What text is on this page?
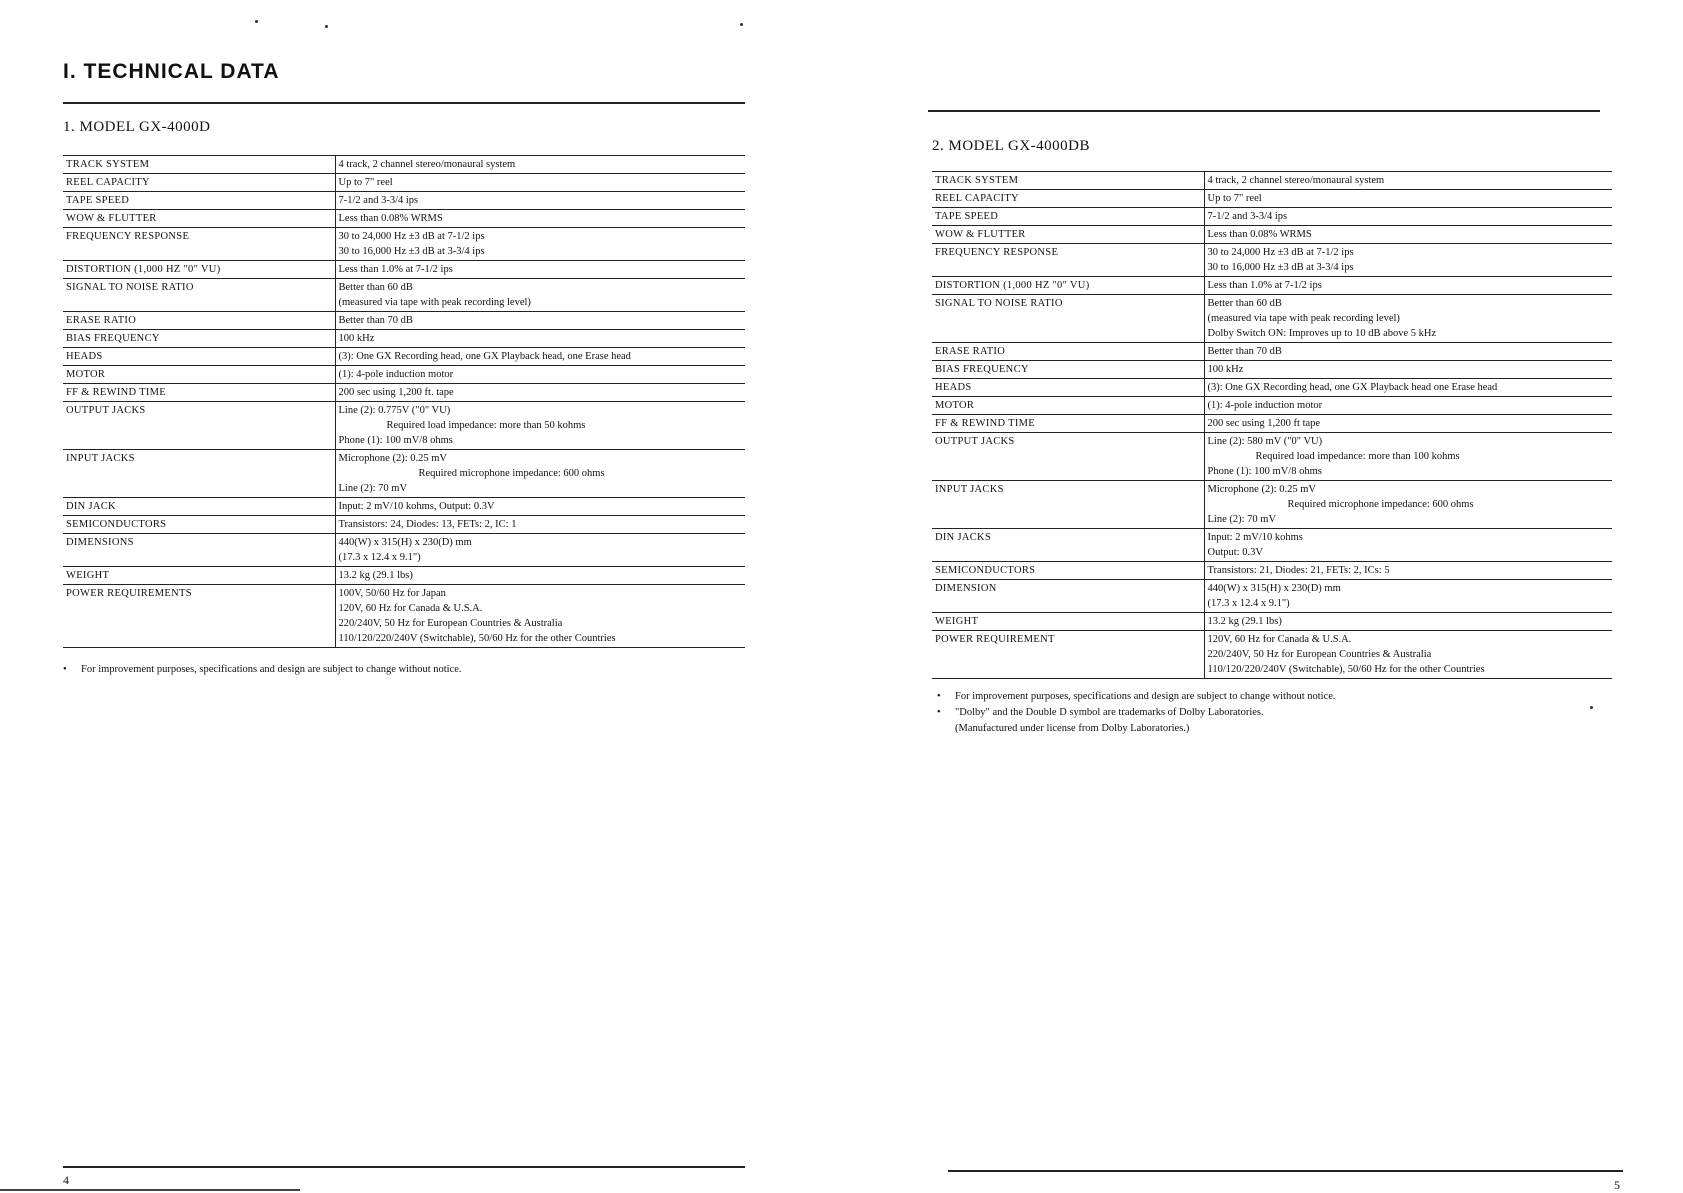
I. TECHNICAL DATA
1. MODEL GX-4000D
TRACK SYSTEM	4 track, 2 channel stereo/monaural system

REEL CAPACITY	Up to 7" reel

TAPE SPEED	7-1/2 and 3-3/4 ips

WOW & FLUTTER	Less than 0.08% WRMS

FREQUENCY RESPONSE	30 to 24,000 Hz ±3 dB at 7-1/2 ips
30 to 16,000 Hz ±3 dB at 3-3/4 ips

DISTORTION (1,000 HZ "0" VU)	Less than 1.0% at 7-1/2 ips

SIGNAL TO NOISE RATIO	Better than 60 dB
(measured via tape with peak recording level)

ERASE RATIO	Better than 70 dB

BIAS FREQUENCY	100 kHz

HEADS	(3): One GX Recording head, one GX Playback head, one Erase head

MOTOR	(1): 4-pole induction motor

FF & REWIND TIME	200 sec using 1,200 ft. tape

OUTPUT JACKS	Line (2): 0.775V ("0" VU)
Required load impedance: more than 50 kohms
Phone (1): 100 mV/8 ohms

INPUT JACKS	Microphone (2): 0.25 mV
Required microphone impedance: 600 ohms
Line (2): 70 mV

DIN JACK	Input: 2 mV/10 kohms, Output: 0.3V

SEMICONDUCTORS	Transistors: 24, Diodes: 13, FETs: 2, IC: 1

DIMENSIONS	440(W) x 315(H) x 230(D) mm
(17.3 x 12.4 x 9.1")

WEIGHT	13.2 kg (29.1 lbs)

POWER REQUIREMENTS	100V, 50/60 Hz for Japan
120V, 60 Hz for Canada & U.S.A.
220/240V, 50 Hz for European Countries & Australia
110/120/220/240V (Switchable), 50/60 Hz for the other Countries
• For improvement purposes, specifications and design are subject to change without notice.
4
2. MODEL GX-4000DB
TRACK SYSTEM	4 track, 2 channel stereo/monaural system

REEL CAPACITY	Up to 7" reel

TAPE SPEED	7-1/2 and 3-3/4 ips

WOW & FLUTTER	Less than 0.08% WRMS

FREQUENCY RESPONSE	30 to 24,000 Hz ±3 dB at 7-1/2 ips
30 to 16,000 Hz ±3 dB at 3-3/4 ips

DISTORTION (1,000 HZ "0" VU)	Less than 1.0% at 7-1/2 ips

SIGNAL TO NOISE RATIO	Better than 60 dB
(measured via tape with peak recording level)
Dolby Switch ON: Improves up to 10 dB above 5 kHz

ERASE RATIO	Better than 70 dB

BIAS FREQUENCY	100 kHz

HEADS	(3): One GX Recording head, one GX Playback head one Erase head

MOTOR	(1): 4-pole induction motor

FF & REWIND TIME	200 sec using 1,200 ft tape

OUTPUT JACKS	Line (2): 580 mV ("0" VU)
Required load impedance: more than 100 kohms
Phone (1): 100 mV/8 ohms

INPUT JACKS	Microphone (2): 0.25 mV
Required microphone impedance: 600 ohms
Line (2): 70 mV

DIN JACKS	Input: 2 mV/10 kohms
Output: 0.3V

SEMICONDUCTORS	Transistors: 21, Diodes: 21, FETs: 2, ICs: 5

DIMENSION	440(W) x 315(H) x 230(D) mm
(17.3 x 12.4 x 9.1")

WEIGHT	13.2 kg (29.1 lbs)

POWER REQUIREMENT	120V, 60 Hz for Canada & U.S.A.
220/240V, 50 Hz for European Countries & Australia
110/120/220/240V (Switchable), 50/60 Hz for the other Countries
• For improvement purposes, specifications and design are subject to change without notice.
• "Dolby" and the Double D symbol are trademarks of Dolby Laboratories.
(Manufactured under license from Dolby Laboratories.)
5
